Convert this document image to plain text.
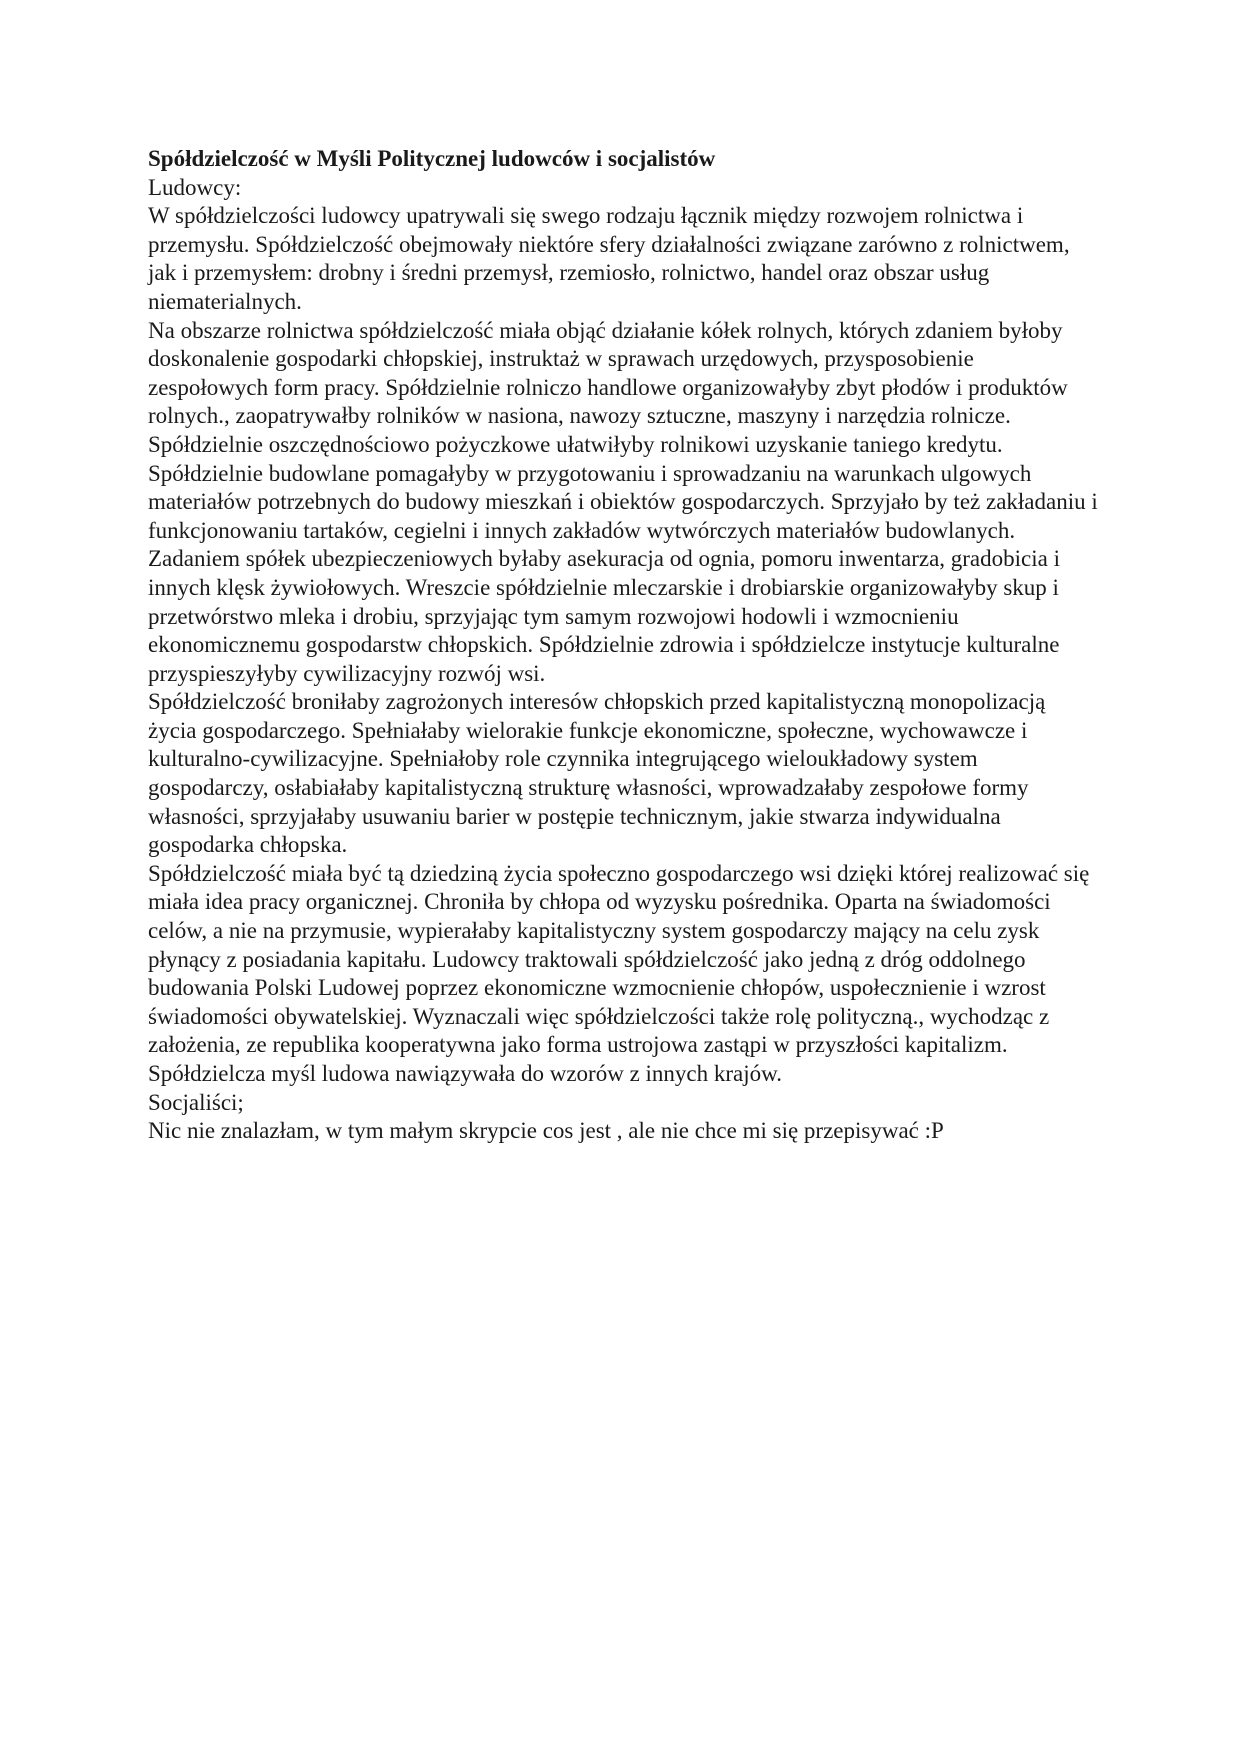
Spółdzielczość w Myśli Politycznej ludowców i socjalistów

Ludowcy:

W spółdzielczości ludowcy upatrywali się swego rodzaju łącznik między rozwojem rolnictwa i przemysłu. Spółdzielczość obejmowały niektóre sfery działalności związane zarówno z rolnictwem, jak i przemysłem: drobny i średni przemysł, rzemiosło, rolnictwo, handel oraz obszar usług niematerialnych.

Na obszarze rolnictwa spółdzielczość miała objąć działanie kółek rolnych, których zdaniem byłoby doskonalenie gospodarki chłopskiej, instruktaż w sprawach urzędowych, przysposobienie zespołowych form pracy. Spółdzielnie rolniczo handlowe organizowałyby zbyt płodów i produktów rolnych., zaopatrywałby rolników w nasiona, nawozy sztuczne, maszyny i narzędzia rolnicze. Spółdzielnie oszczędnościowo pożyczkowe ułatwiłyby rolnikowi uzyskanie taniego kredytu. Spółdzielnie budowlane pomagałyby w przygotowaniu i sprowadzaniu na warunkach ulgowych materiałów potrzebnych do budowy mieszkań i obiektów gospodarczych. Sprzyjało by też zakładaniu i funkcjonowaniu tartaków, cegielni i innych zakładów wytwórczych materiałów budowlanych. Zadaniem spółek ubezpieczeniowych byłaby asekuracja od ognia, pomoru inwentarza, gradobicia i innych klęsk żywiołowych. Wreszcie spółdzielnie mleczarskie i drobiarskie organizowałyby skup i przetwórstwo mleka i drobiu, sprzyjając tym samym rozwojowi hodowli i wzmocnieniu ekonomicznemu gospodarstw chłopskich. Spółdzielnie zdrowia i spółdzielcze instytucje kulturalne przyspieszyłyby cywilizacyjny rozwój wsi.

Spółdzielczość broniłaby zagrożonych interesów chłopskich przed kapitalistyczną monopolizacją życia gospodarczego. Spełniałaby wielorakie funkcje ekonomiczne, społeczne, wychowawcze i kulturalno-cywilizacyjne. Spełniałoby role czynnika integrującego wieloukładowy system gospodarczy, osłabiałaby kapitalistyczną strukturę własności, wprowadzałaby zespołowe formy własności, sprzyjałaby usuwaniu barier w postępie technicznym, jakie stwarza indywidualna gospodarka chłopska.

Spółdzielczość miała być tą dziedziną życia społeczno gospodarczego wsi dzięki której realizować się miała idea pracy organicznej. Chroniła by chłopa od wyzysku pośrednika. Oparta na świadomości celów, a nie na przymusie, wypierałaby kapitalistyczny system gospodarczy mający na celu zysk płynący z posiadania kapitału. Ludowcy traktowali spółdzielczość jako jedną z dróg oddolnego budowania Polski Ludowej poprzez ekonomiczne wzmocnienie chłopów, uspołecznienie i wzrost świadomości obywatelskiej. Wyznaczali więc spółdzielczości także rolę polityczną., wychodząc z założenia, ze republika kooperatywna jako forma ustrojowa zastąpi w przyszłości kapitalizm. Spółdzielcza myśl ludowa nawiązywała do wzorów z innych krajów.

Socjaliści;

Nic nie znalazłam, w tym małym skrypcie cos jest , ale nie chce mi się przepisywać :P
